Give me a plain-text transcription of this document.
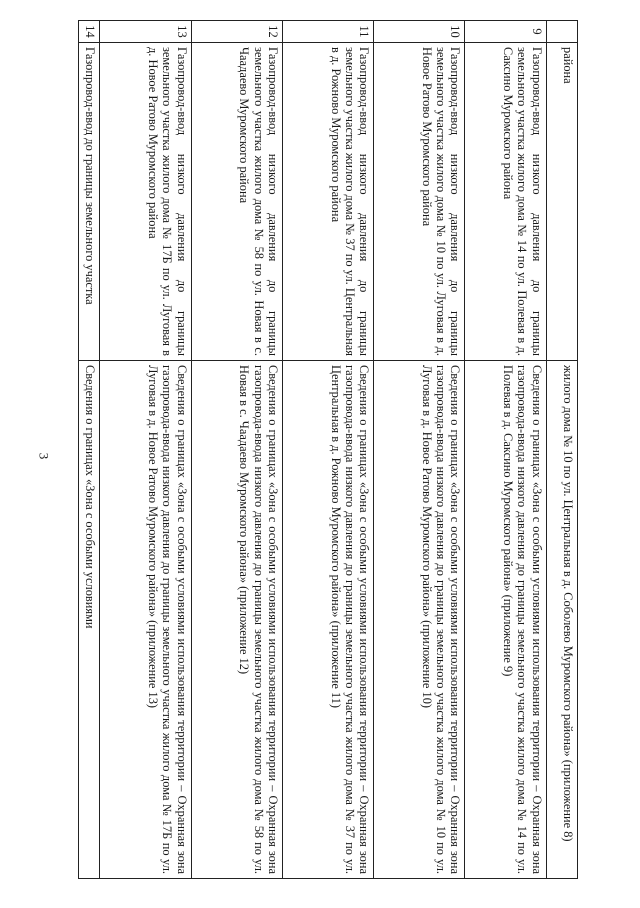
3
	района	жилого дома № 10 по ул. Центральная в д. Соболево Муромского района» (приложение 8)
9	Газопровод-ввод низкого давления до границы земельного участка жилого дома № 14 по ул. Полевая в д. Саксино Муромского района	Сведения о границах «Зона с особыми условиями использования территории – Охранная зона газопровода-ввода низкого давления до границы земельного участка жилого дома № 14 по ул. Полевая в д. Саксино Муромского района» (приложение 9)
10	Газопровод-ввод низкого давления до границы земельного участка жилого дома № 10 по ул. Луговая в д. Новое Ратово Муромского района	Сведения о границах «Зона с особыми условиями использования территории – Охранная зона газопровода-ввода низкого давления до границы земельного участка жилого дома № 10 по ул. Луговая в д. Новое Ратово Муромского района» (приложение 10)
11	Газопровод-ввод низкого давления до границы земельного участка жилого дома № 37 по ул. Центральная в д. Рожново Муромского района	Сведения о границах «Зона с особыми условиями использования территории – Охранная зона газопровода-ввода низкого давления до границы земельного участка жилого дома № 37 по ул. Центральная в д. Рожново Муромского района» (приложение 11)
12	Газопровод-ввод низкого давления до границы земельного участка жилого дома № 58 по ул. Новая в с. Чаадаево Муромского района	Сведения о границах «Зона с особыми условиями использования территории – Охранная зона газопровода-ввода низкого давления до границы земельного участка жилого дома № 58 по ул. Новая в с. Чаадаево Муромского района» (приложение 12)
13	Газопровод-ввод низкого давления до границы земельного участка жилого дома № 17Б по ул. Луговая в д. Новое Ратово Муромского района	Сведения о границах «Зона с особыми условиями использования территории – Охранная зона газопровода-ввода низкого давления до границы земельного участка жилого дома № 17Б по ул. Луговая в д. Новое Ратово Муромского района» (приложение 13)
14	Газопровод-ввод до границы земельного участка	Сведения о границах «Зона с особыми условиями
